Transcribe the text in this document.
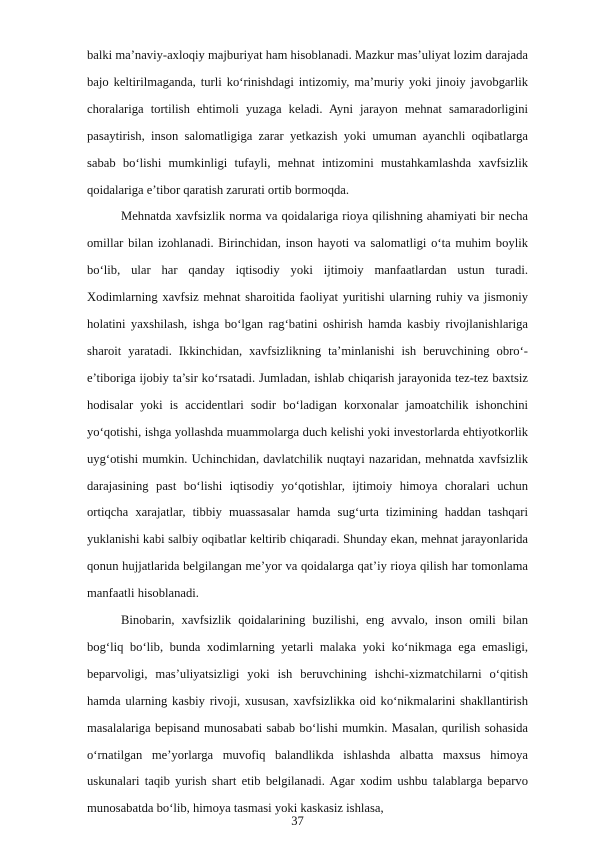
balki ma’naviy-axloqiy majburiyat ham hisoblanadi. Mazkur mas’uliyat lozim darajada bajo keltirilmaganda, turli ko‘rinishdagi intizomiy, ma’muriy yoki jinoiy javobgarlik choralariga tortilish ehtimoli yuzaga keladi. Ayni jarayon mehnat samaradorligini pasaytirish, inson salomatligiga zarar yetkazish yoki umuman ayanchli oqibatlarga sabab bo‘lishi mumkinligi tufayli, mehnat intizomini mustahkamlashda xavfsizlik qoidalariga e’tibor qaratish zarurati ortib bormoqda.

Mehnatda xavfsizlik norma va qoidalariga rioya qilishning ahamiyati bir necha omillar bilan izohlanadi. Birinchidan, inson hayoti va salomatligi o‘ta muhim boylik bo‘lib, ular har qanday iqtisodiy yoki ijtimoiy manfaatlardan ustun turadi. Xodimlarning xavfsiz mehnat sharoitida faoliyat yuritishi ularning ruhiy va jismoniy holatini yaxshilash, ishga bo‘lgan rag‘batini oshirish hamda kasbiy rivojlanishlariga sharoit yaratadi. Ikkinchidan, xavfsizlikning ta’minlanishi ish beruvchining obro‘-e’tiboriga ijobiy ta’sir ko‘rsatadi. Jumladan, ishlab chiqarish jarayonida tez-tez baxtsiz hodisalar yoki is accidentlari sodir bo‘ladigan korxonalar jamoatchilik ishonchini yo‘qotishi, ishga yollashda muammolarga duch kelishi yoki investorlarda ehtiyotkorlik uyg‘otishi mumkin. Uchinchidan, davlatchilik nuqtayi nazaridan, mehnatda xavfsizlik darajasining past bo‘lishi iqtisodiy yo‘qotishlar, ijtimoiy himoya choralari uchun ortiqcha xarajatlar, tibbiy muassasalar hamda sug‘urta tizimining haddan tashqari yuklanishi kabi salbiy oqibatlar keltirib chiqaradi. Shunday ekan, mehnat jarayonlarida qonun hujjatlarida belgilangan me’yor va qoidalarga qat’iy rioya qilish har tomonlama manfaatli hisoblanadi.

Binobarin, xavfsizlik qoidalarining buzilishi, eng avvalo, inson omili bilan bog‘liq bo‘lib, bunda xodimlarning yetarli malaka yoki ko‘nikmaga ega emasligi, beparvoligi, mas’uliyatsizligi yoki ish beruvchining ishchi-xizmatchilarni o‘qitish hamda ularning kasbiy rivoji, xususan, xavfsizlikka oid ko‘nikmalarini shakllantirish masalalariga bepisand munosabati sabab bo‘lishi mumkin. Masalan, qurilish sohasida o‘rnatilgan me’yorlarga muvofiq balandlikda ishlashda albatta maxsus himoya uskunalari taqib yurish shart etib belgilanadi. Agar xodim ushbu talablarga beparvo munosabatda bo‘lib, himoya tasmasi yoki kaskasiz ishlasa,

37
